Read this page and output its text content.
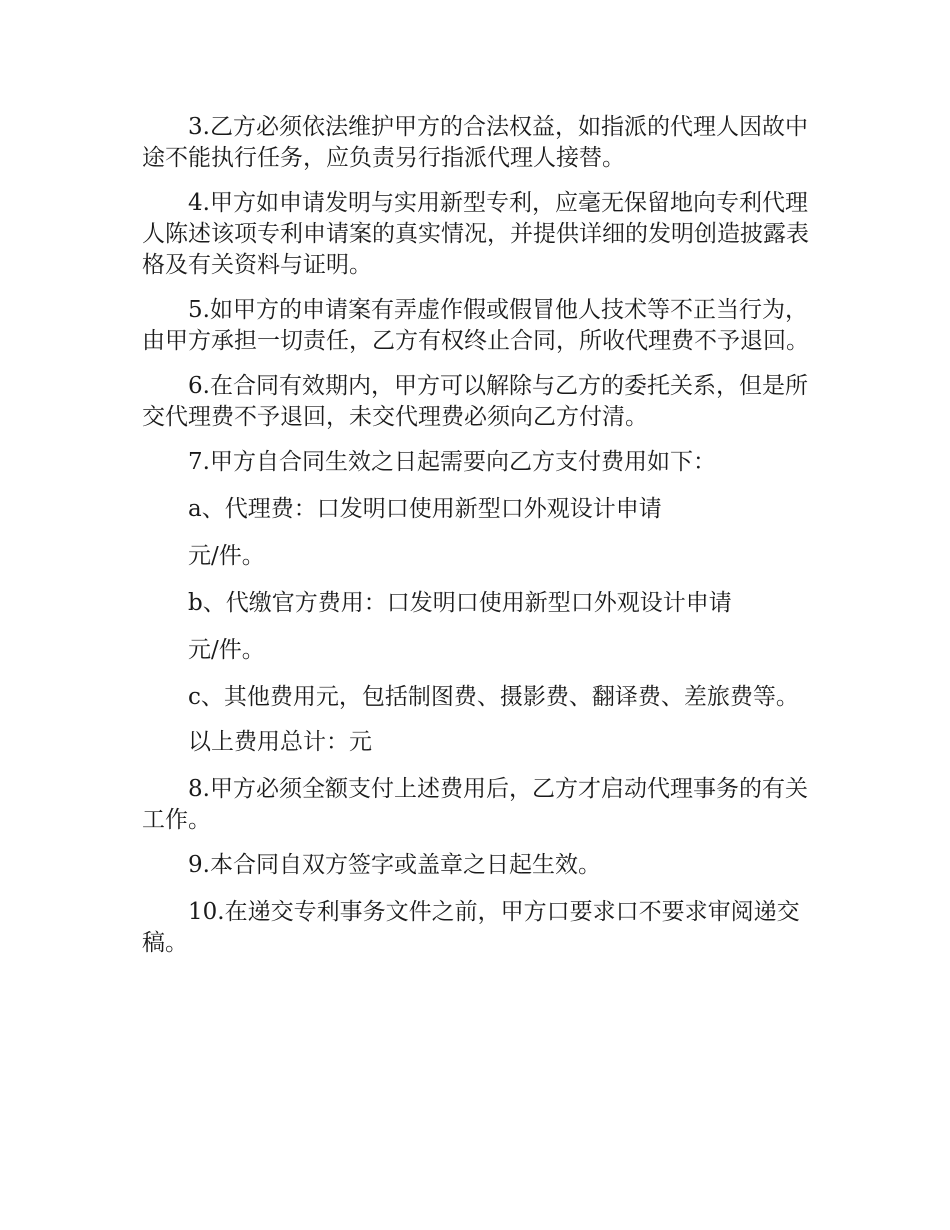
3.乙方必须依法维护甲方的合法权益，如指派的代理人因故中途不能执行任务，应负责另行指派代理人接替。

4.甲方如申请发明与实用新型专利，应毫无保留地向专利代理人陈述该项专利申请案的真实情况，并提供详细的发明创造披露表格及有关资料与证明。

5.如甲方的申请案有弄虚作假或假冒他人技术等不正当行为，由甲方承担一切责任，乙方有权终止合同，所收代理费不予退回。

6.在合同有效期内，甲方可以解除与乙方的委托关系，但是所交代理费不予退回，未交代理费必须向乙方付清。

7.甲方自合同生效之日起需要向乙方支付费用如下：

a、代理费：口发明口使用新型口外观设计申请

元/件。

b、代缴官方费用：口发明口使用新型口外观设计申请

元/件。

c、其他费用元，包括制图费、摄影费、翻译费、差旅费等。

以上费用总计：元

8.甲方必须全额支付上述费用后，乙方才启动代理事务的有关工作。

9.本合同自双方签字或盖章之日起生效。

10.在递交专利事务文件之前，甲方口要求口不要求审阅递交稿。
